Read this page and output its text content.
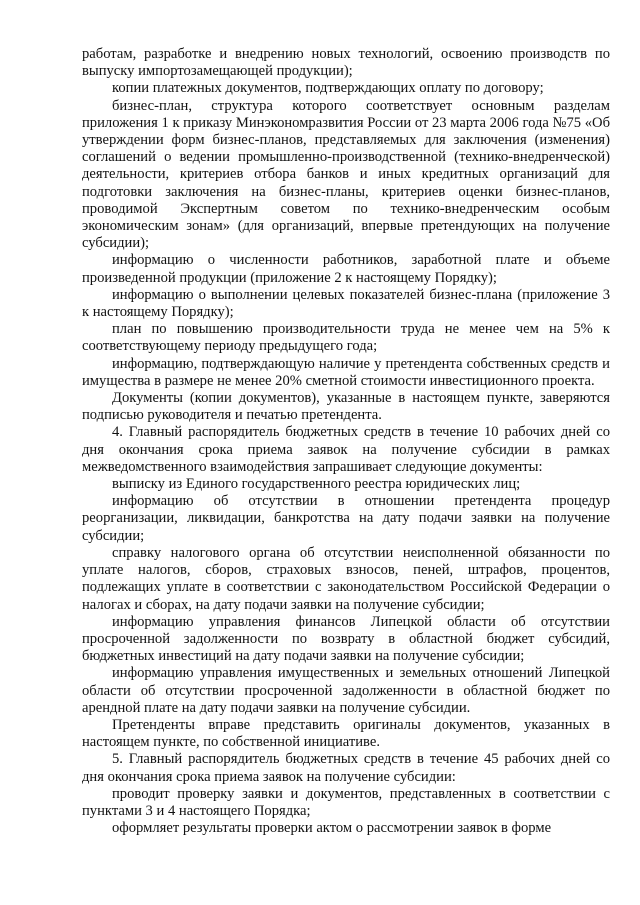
работам, разработке и внедрению новых технологий, освоению производств по выпуску импортозамещающей продукции);

копии платежных документов, подтверждающих оплату по договору;

бизнес-план, структура которого соответствует основным разделам приложения 1 к приказу Минэкономразвития России от 23 марта 2006 года №75 «Об утверждении форм бизнес-планов, представляемых для заключения (изменения) соглашений о ведении промышленно-производственной (технико-внедренческой) деятельности, критериев отбора банков и иных кредитных организаций для подготовки заключения на бизнес-планы, критериев оценки бизнес-планов, проводимой Экспертным советом по технико-внедренческим особым экономическим зонам» (для организаций, впервые претендующих на получение субсидии);

информацию о численности работников, заработной плате и объеме произведенной продукции (приложение 2 к настоящему Порядку);

информацию о выполнении целевых показателей бизнес-плана (приложение 3 к настоящему Порядку);

план по повышению производительности труда не менее чем на 5% к соответствующему периоду предыдущего года;

информацию, подтверждающую наличие у претендента собственных средств и имущества в размере не менее 20% сметной стоимости инвестиционного проекта.

Документы (копии документов), указанные в настоящем пункте, заверяются подписью руководителя и печатью претендента.

4. Главный распорядитель бюджетных средств в течение 10 рабочих дней со дня окончания срока приема заявок на получение субсидии в рамках межведомственного взаимодействия запрашивает следующие документы:

выписку из Единого государственного реестра юридических лиц;

информацию об отсутствии в отношении претендента процедур реорганизации, ликвидации, банкротства на дату подачи заявки на получение субсидии;

справку налогового органа об отсутствии неисполненной обязанности по уплате налогов, сборов, страховых взносов, пеней, штрафов, процентов, подлежащих уплате в соответствии с законодательством Российской Федерации о налогах и сборах, на дату подачи заявки на получение субсидии;

информацию управления финансов Липецкой области об отсутствии просроченной задолженности по возврату в областной бюджет субсидий, бюджетных инвестиций на дату подачи заявки на получение субсидии;

информацию управления имущественных и земельных отношений Липецкой области об отсутствии просроченной задолженности в областной бюджет по арендной плате на дату подачи заявки на получение субсидии.

Претенденты вправе представить оригиналы документов, указанных в настоящем пункте, по собственной инициативе.

5. Главный распорядитель бюджетных средств в течение 45 рабочих дней со дня окончания срока приема заявок на получение субсидии:

проводит проверку заявки и документов, представленных в соответствии с пунктами 3 и 4 настоящего Порядка;

оформляет результаты проверки актом о рассмотрении заявок в форме
